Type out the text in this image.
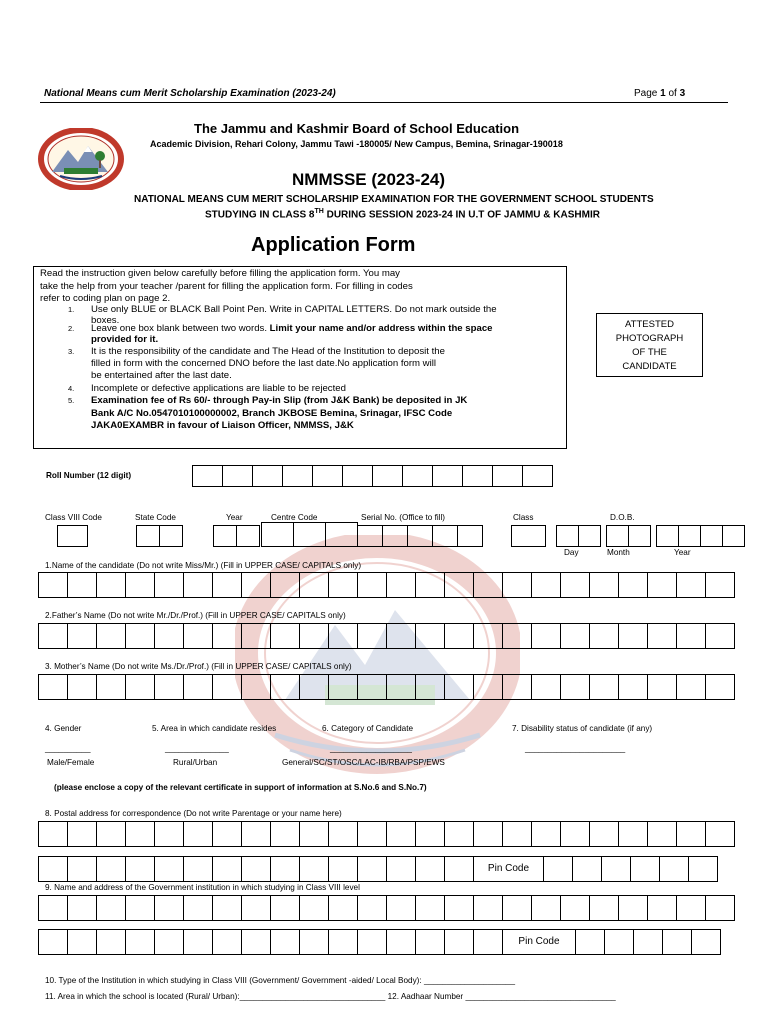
National Means cum Merit Scholarship Examination (2023-24)	Page 1 of 3
The Jammu and Kashmir Board of School Education
Academic Division, Rehari Colony, Jammu Tawi -180005/ New Campus, Bemina, Srinagar-190018
NMMSSE (2023-24)
NATIONAL MEANS CUM MERIT SCHOLARSHIP EXAMINATION FOR THE GOVERNMENT SCHOOL STUDENTS
STUDYING IN CLASS 8TH DURING SESSION 2023-24 IN U.T OF JAMMU & KASHMIR
Application Form
Read the instruction given below carefully before filling the application form. You may
take the help from your teacher /parent for filling the application form. For filling in codes
refer to coding plan on page 2.
1. Use only BLUE or BLACK Ball Point Pen. Write in CAPITAL LETTERS. Do not mark outside the
boxes.
2. Leave one box blank between two words. Limit your name and/or address within the space
provided for it.
3. It is the responsibility of the candidate and The Head of the Institution to deposit the
filled in form with the concerned DNO before the last date.No application form will
be entertained after the last date.
4. Incomplete or defective applications are liable to be rejected
5. Examination fee of Rs 60/- through Pay-in Slip (from J&K Bank) be deposited in JK
Bank A/C No.0547010100000002, Branch JKBOSE Bemina, Srinagar, IFSC Code
JAKA0EXAMBR in favour of Liaison Officer, NMMSS, J&K
ATTESTED
PHOTOGRAPH
OF THE
CANDIDATE
Roll Number (12 digit)
Class VIII Code	State Code	Year	Centre Code	Serial No. (Office to fill)	Class	D.O.B.
Day	Month	Year
1.Name of the candidate (Do not write Miss/Mr.) (Fill in UPPER CASE/ CAPITALS only)
2.Father’s Name (Do not write Mr./Dr./Prof.) (Fill in UPPER CASE/ CAPITALS only)
3. Mother’s Name (Do not write Ms./Dr./Prof.) (Fill in UPPER CASE/ CAPITALS only)
4. Gender	5. Area in which candidate resides	6. Category of Candidate	7. Disability status of candidate (if any)
__________	______________	__________________	______________________
Male/Female	Rural/Urban	General/SC/ST/OSC/LAC-IB/RBA/PSP/EWS
(please enclose a copy of the relevant certificate in support of information at S.No.6 and S.No.7)
8. Postal address for correspondence (Do not write Parentage or your name here)
Pin Code
9. Name and address of the Government institution in which studying in Class VIII level
Pin Code
10. Type of the Institution in which studying in Class VIII (Government/ Government -aided/ Local Body): ____________________
11. Area in which the school is located (Rural/ Urban):________________________________ 12. Aadhaar Number _________________________________
